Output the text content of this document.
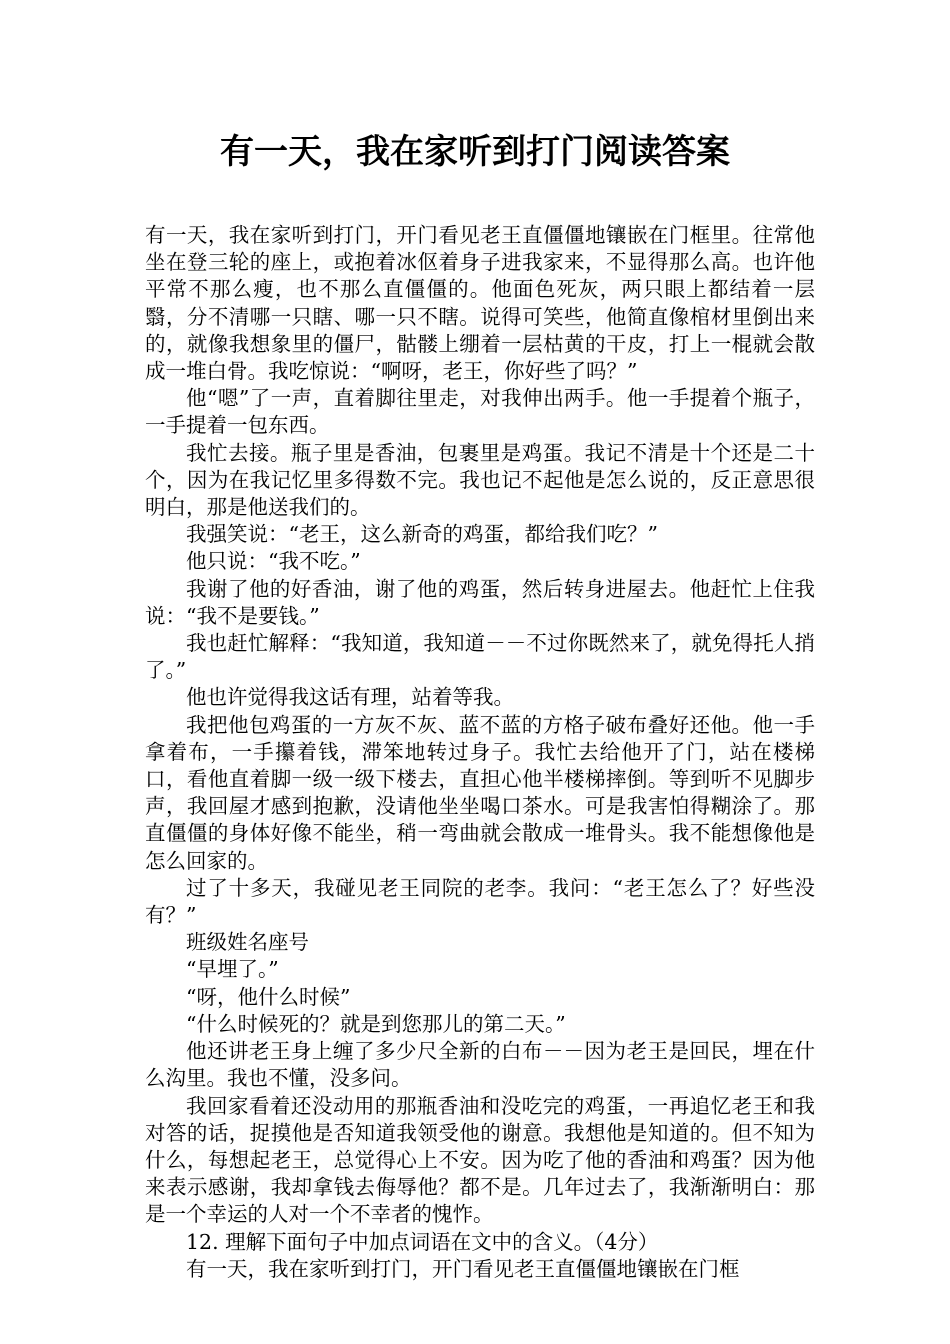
有一天，我在家听到打门阅读答案

有一天，我在家听到打门，开门看见老王直僵僵地镶嵌在门框里。往常他坐在登三轮的座上，或抱着冰伛着身子进我家来，不显得那么高。也许他平常不那么瘦，也不那么直僵僵的。他面色死灰，两只眼上都结着一层翳，分不清哪一只瞎、哪一只不瞎。说得可笑些，他简直像棺材里倒出来的，就像我想象里的僵尸，骷髅上绷着一层枯黄的干皮，打上一棍就会散成一堆白骨。我吃惊说：“啊呀，老王，你好些了吗？”

他“嗯”了一声，直着脚往里走，对我伸出两手。他一手提着个瓶子，一手提着一包东西。

我忙去接。瓶子里是香油，包裹里是鸡蛋。我记不清是十个还是二十个，因为在我记忆里多得数不完。我也记不起他是怎么说的，反正意思很明白，那是他送我们的。

我强笑说：“老王，这么新奇的鸡蛋，都给我们吃？”

他只说：“我不吃。”

我谢了他的好香油，谢了他的鸡蛋，然后转身进屋去。他赶忙上住我说：“我不是要钱。”

我也赶忙解释：“我知道，我知道－－不过你既然来了，就免得托人捎了。”

他也许觉得我这话有理，站着等我。

我把他包鸡蛋的一方灰不灰、蓝不蓝的方格子破布叠好还他。他一手拿着布，一手攥着钱，滞笨地转过身子。我忙去给他开了门，站在楼梯口，看他直着脚一级一级下楼去，直担心他半楼梯摔倒。等到听不见脚步声，我回屋才感到抱歉，没请他坐坐喝口茶水。可是我害怕得糊涂了。那直僵僵的身体好像不能坐，稍一弯曲就会散成一堆骨头。我不能想像他是怎么回家的。

过了十多天，我碰见老王同院的老李。我问：“老王怎么了？好些没有？”

班级姓名座号

“早埋了。”

“呀，他什么时候”

“什么时候死的？就是到您那儿的第二天。”

他还讲老王身上缠了多少尺全新的白布－－因为老王是回民，埋在什么沟里。我也不懂，没多问。

我回家看着还没动用的那瓶香油和没吃完的鸡蛋，一再追忆老王和我对答的话，捉摸他是否知道我领受他的谢意。我想他是知道的。但不知为什么，每想起老王，总觉得心上不安。因为吃了他的香油和鸡蛋？因为他来表示感谢，我却拿钱去侮辱他？都不是。几年过去了，我渐渐明白：那是一个幸运的人对一个不幸者的愧怍。

12. 理解下面句子中加点词语在文中的含义。（4分）

有一天，我在家听到打门，开门看见老王直僵僵地镶嵌在门框
